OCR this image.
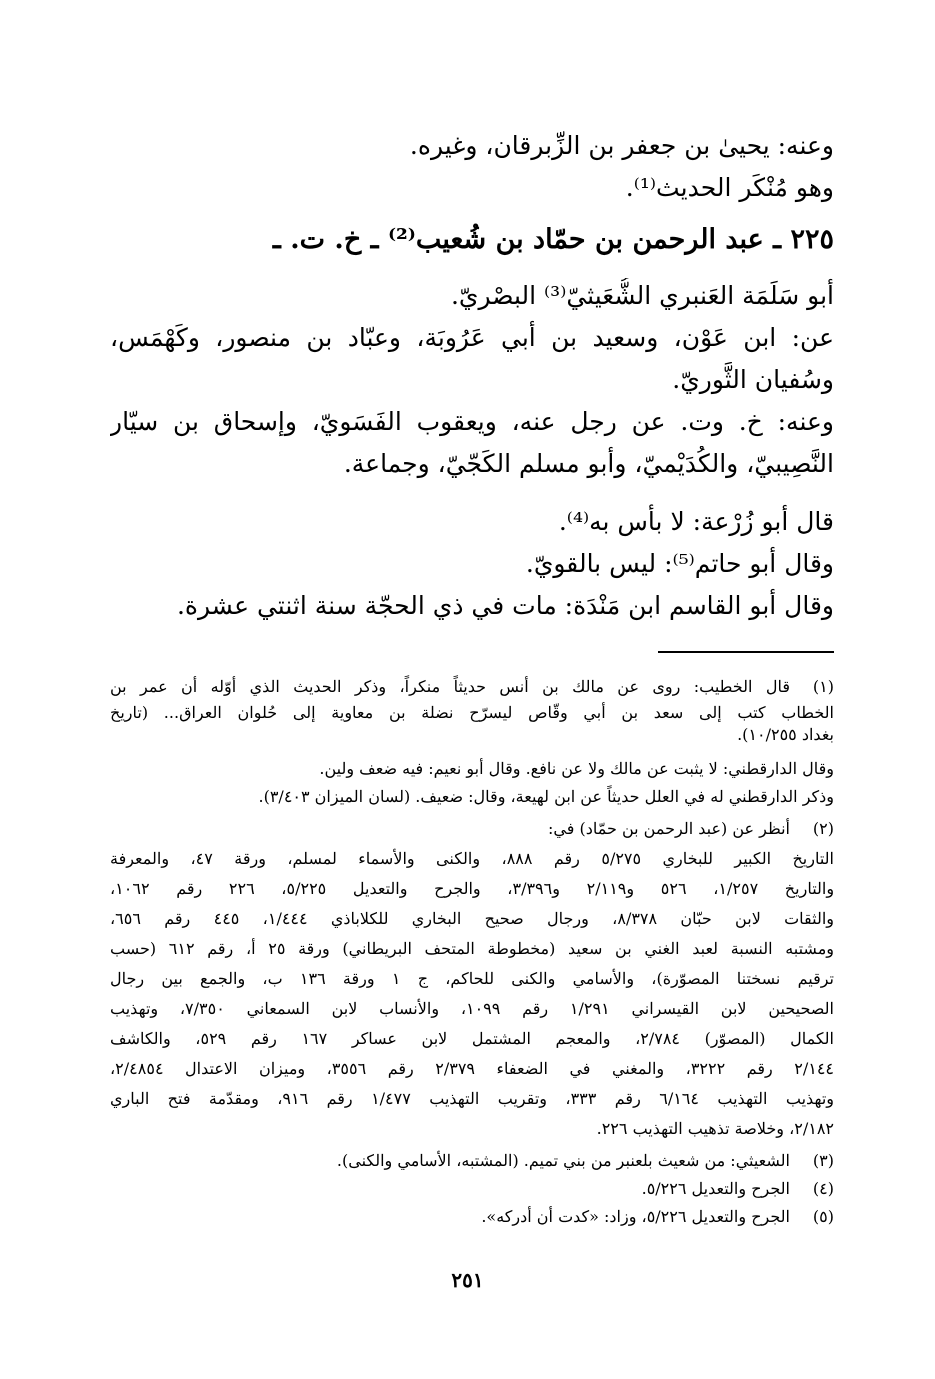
وعنه: يحيىٰ بن جعفر بن الزِّبرقان، وغيره.
وهو مُنْكَر الحديث⁽¹⁾.
٢٢٥ ـ عبد الرحمن بن حمّاد بن شُعيب⁽²⁾ ـ خ. ت. ـ
أبو سَلَمَة العَنبري الشُّعَيثيّ⁽³⁾ البصْريّ.
عن: ابن عَوْن، وسعيد بن أبي عَرُوبَة، وعبّاد بن منصور، وكَهْمَس،
وسُفيان الثَّوريّ.
وعنه: خ. وت. عن رجل عنه، ويعقوب الفَسَويّ، وإسحاق بن سيّار
النَّصِيبيّ، والكُدَيْميّ، وأبو مسلم الكَجّيّ، وجماعة.
قال أبو زُرْعة: لا بأس به⁽⁴⁾.
وقال أبو حاتم⁽⁵⁾: ليس بالقويّ.
وقال أبو القاسم ابن مَنْدَة: مات في ذي الحجّة سنة اثنتي عشرة.
(١)
قال الخطيب: روى عن مالك بن أنس حديثاً منكراً، وذكر الحديث الذي أوّله أن عمر بن
الخطاب كتب إلى سعد بن أبي وقّاص ليسرّح نضلة بن معاوية إلى حُلوان العراق... (تاريخ
بغداد ١٠/٢٥٥).
وقال الدارقطني: لا يثبت عن مالك ولا عن نافع. وقال أبو نعيم: فيه ضعف ولين.
وذكر الدارقطني له في العلل حديثاً عن ابن لهيعة، وقال: ضعيف. (لسان الميزان ٣/٤٠٣).
(٢)
أنظر عن (عبد الرحمن بن حمّاد) في:
التاريخ الكبير للبخاري ٥/٢٧٥ رقم ٨٨٨، والكنى والأسماء لمسلم، ورقة ٤٧، والمعرفة
والتاريخ ١/٢٥٧، ٥٢٦ و٢/١١٩ و٣/٣٩٦، والجرح والتعديل ٥/٢٢٥، ٢٢٦ رقم ١٠٦٢،
والثقات لابن حبّان ٨/٣٧٨، ورجال صحيح البخاري للكلاباذي ١/٤٤٤، ٤٤٥ رقم ٦٥٦،
ومشتبه النسبة لعبد الغني بن سعيد (مخطوطة المتحف البريطاني) ورقة ٢٥ أ، رقم ٦١٢ (حسب
ترقيم نسختنا المصوّرة)، والأسامي والكنى للحاكم، ج ١ ورقة ١٣٦ ب، والجمع بين رجال
الصحيحين لابن القيسراني ١/٢٩١ رقم ١٠٩٩، والأنساب لابن السمعاني ٧/٣٥٠، وتهذيب
الكمال (المصوّر) ٢/٧٨٤، والمعجم المشتمل لابن عساكر ١٦٧ رقم ٥٢٩، والكاشف
٢/١٤٤ رقم ٣٢٢٢، والمغني في الضعفاء ٢/٣٧٩ رقم ٣٥٥٦، وميزان الاعتدال ٢/٤٨٥٤،
وتهذيب التهذيب ٦/١٦٤ رقم ٣٣٣، وتقريب التهذيب ١/٤٧٧ رقم ٩١٦، ومقدّمة فتح الباري
٢/١٨٢، وخلاصة تذهيب التهذيب ٢٢٦.
(٣)
الشعيثي: من شعيث بلعنبر من بني تميم. (المشتبه، الأسامي والكنى).
(٤)
الجرح والتعديل ٥/٢٢٦.
(٥)
الجرح والتعديل ٥/٢٢٦، وزاد: «كدت أن أدركه».
٢٥١
